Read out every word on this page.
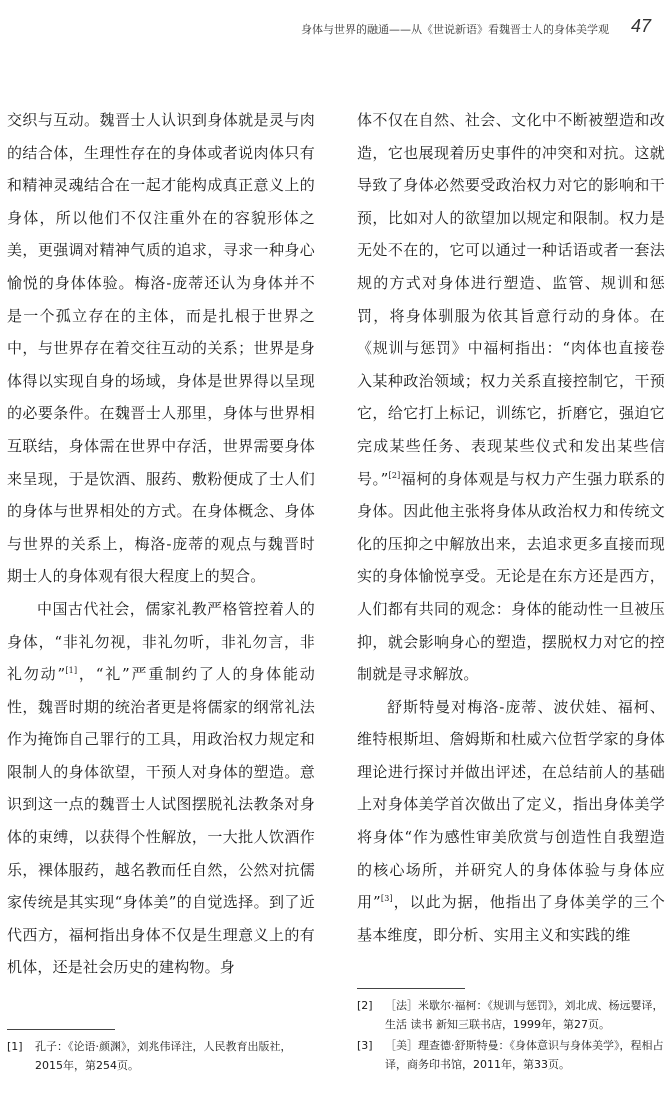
身体与世界的融通——从《世说新语》看魏晋士人的身体美学观 47

交织与互动。魏晋士人认识到身体就是灵与肉的结合体，生理性存在的身体或者说肉体只有和精神灵魂结合在一起才能构成真正意义上的身体，所以他们不仅注重外在的容貌形体之美，更强调对精神气质的追求，寻求一种身心愉悦的身体体验。梅洛-庞蒂还认为身体并不是一个孤立存在的主体，而是扎根于世界之中，与世界存在着交往互动的关系；世界是身体得以实现自身的场域，身体是世界得以呈现的必要条件。在魏晋士人那里，身体与世界相互联结，身体需在世界中存活，世界需要身体来呈现，于是饮酒、服药、敷粉便成了士人们的身体与世界相处的方式。在身体概念、身体与世界的关系上，梅洛-庞蒂的观点与魏晋时期士人的身体观有很大程度上的契合。

中国古代社会，儒家礼教严格管控着人的身体，“非礼勿视，非礼勿听，非礼勿言，非礼勿动”[1]，“礼”严重制约了人的身体能动性，魏晋时期的统治者更是将儒家的纲常礼法作为掩饰自己罪行的工具，用政治权力规定和限制人的身体欲望，干预人对身体的塑造。意识到这一点的魏晋士人试图摆脱礼法教条对身体的束缚，以获得个性解放，一大批人饮酒作乐，裸体服药，越名教而任自然，公然对抗儒家传统是其实现“身体美”的自觉选择。到了近代西方，福柯指出身体不仅是生理意义上的有机体，还是社会历史的建构物。身

体不仅在自然、社会、文化中不断被塑造和改造，它也展现着历史事件的冲突和对抗。这就导致了身体必然要受政治权力对它的影响和干预，比如对人的欲望加以规定和限制。权力是无处不在的，它可以通过一种话语或者一套法规的方式对身体进行塑造、监管、规训和惩罚，将身体驯服为依其旨意行动的身体。在《规训与惩罚》中福柯指出：“肉体也直接卷入某种政治领域；权力关系直接控制它，干预它，给它打上标记，训练它，折磨它，强迫它完成某些任务、表现某些仪式和发出某些信号。”[2]福柯的身体观是与权力产生强力联系的身体。因此他主张将身体从政治权力和传统文化的压抑之中解放出来，去追求更多直接而现实的身体愉悦享受。无论是在东方还是西方，人们都有共同的观念：身体的能动性一旦被压抑，就会影响身心的塑造，摆脱权力对它的控制就是寻求解放。

舒斯特曼对梅洛-庞蒂、波伏娃、福柯、维特根斯坦、詹姆斯和杜威六位哲学家的身体理论进行探讨并做出评述，在总结前人的基础上对身体美学首次做出了定义，指出身体美学将身体“作为感性审美欣赏与创造性自我塑造的核心场所，并研究人的身体体验与身体应用”[3]，以此为据，他指出了身体美学的三个基本维度，即分析、实用主义和实践的维

[1]	孔子：《论语·颜渊》，刘兆伟译注，人民教育出版社，2015年，第254页。
[2]	［法］米歇尔·福柯：《规训与惩罚》，刘北成、杨远婴译，生活 读书 新知三联书店，1999年，第27页。
[3]	［美］理查德·舒斯特曼：《身体意识与身体美学》，程相占译，商务印书馆，2011年，第33页。
